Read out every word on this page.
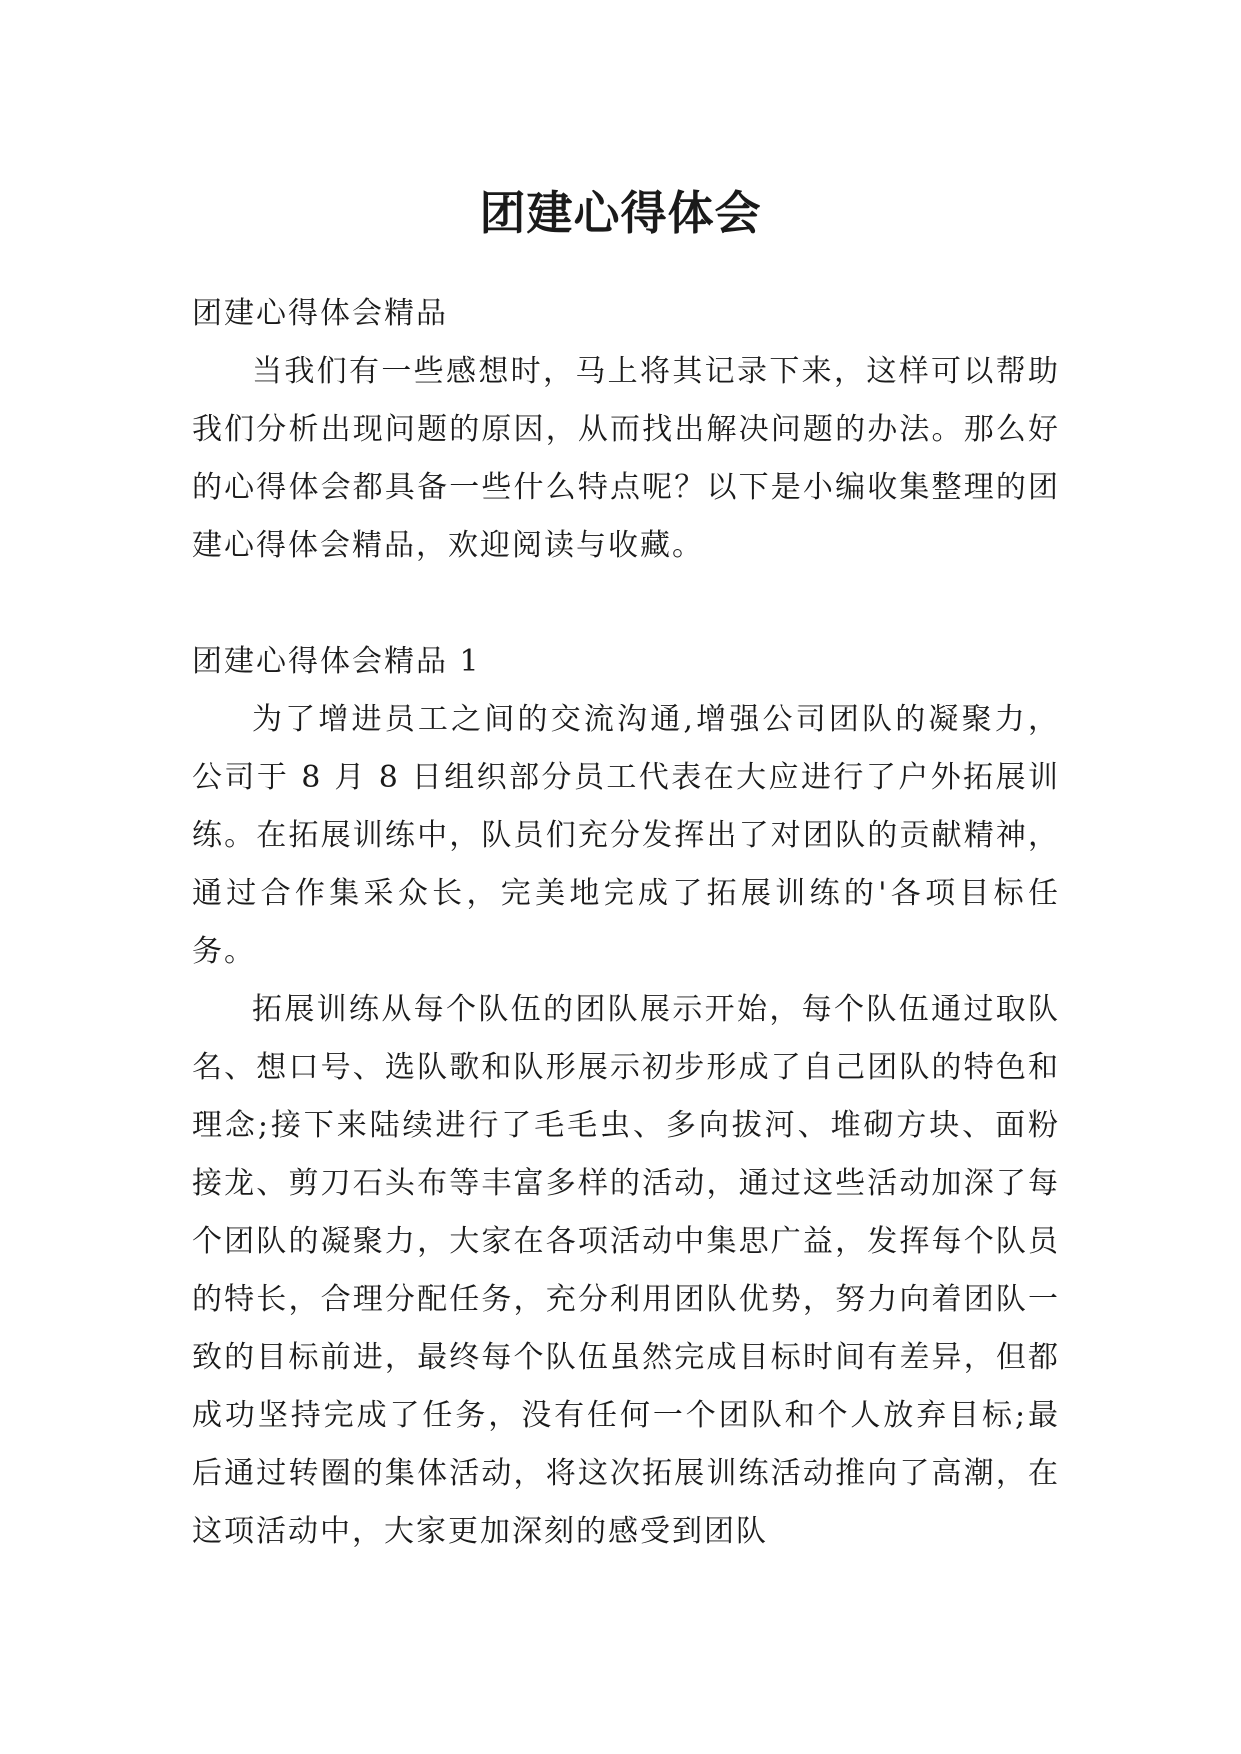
团建心得体会

团建心得体会精品

当我们有一些感想时，马上将其记录下来，这样可以帮助我们分析出现问题的原因，从而找出解决问题的办法。那么好的心得体会都具备一些什么特点呢？以下是小编收集整理的团建心得体会精品，欢迎阅读与收藏。

团建心得体会精品 1

为了增进员工之间的交流沟通,增强公司团队的凝聚力，公司于 8 月 8 日组织部分员工代表在大应进行了户外拓展训练。在拓展训练中，队员们充分发挥出了对团队的贡献精神，通过合作集采众长，完美地完成了拓展训练的'各项目标任务。

拓展训练从每个队伍的团队展示开始，每个队伍通过取队名、想口号、选队歌和队形展示初步形成了自己团队的特色和理念;接下来陆续进行了毛毛虫、多向拔河、堆砌方块、面粉接龙、剪刀石头布等丰富多样的活动，通过这些活动加深了每个团队的凝聚力，大家在各项活动中集思广益，发挥每个队员的特长，合理分配任务，充分利用团队优势，努力向着团队一致的目标前进，最终每个队伍虽然完成目标时间有差异，但都成功坚持完成了任务，没有任何一个团队和个人放弃目标;最后通过转圈的集体活动，将这次拓展训练活动推向了高潮，在这项活动中，大家更加深刻的感受到团队
